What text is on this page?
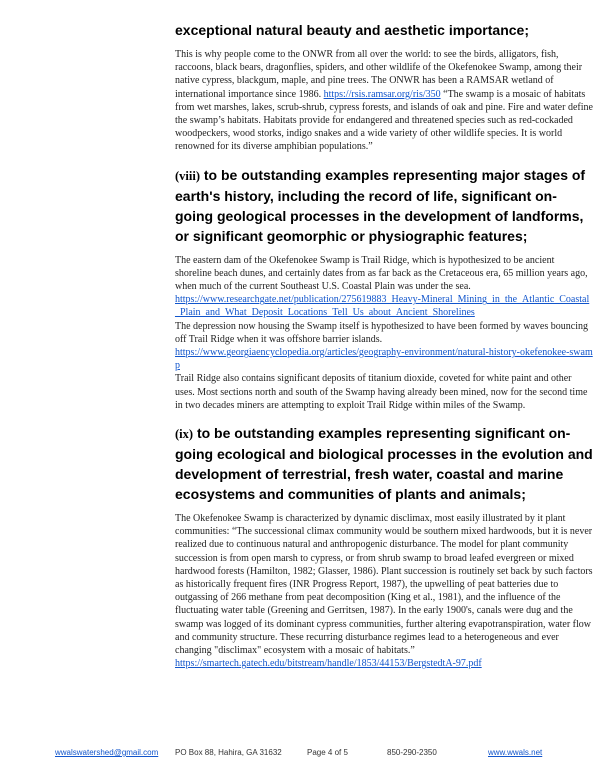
exceptional natural beauty and aesthetic importance;

This is why people come to the ONWR from all over the world: to see the birds, alligators, fish, raccoons, black bears, dragonflies, spiders, and other wildlife of the Okefenokee Swamp, among their native cypress, blackgum, maple, and pine trees. The ONWR has been a RAMSAR wetland of international importance since 1986. https://rsis.ramsar.org/ris/350 “The swamp is a mosaic of habitats from wet marshes, lakes, scrub-shrub, cypress forests, and islands of oak and pine. Fire and water define the swamp’s habitats. Habitats provide for endangered and threatened species such as red-cockaded woodpeckers, wood storks, indigo snakes and a wide variety of other wildlife species. It is world renowned for its diverse amphibian populations.”

(viii) to be outstanding examples representing major stages of earth's history, including the record of life, significant on-going geological processes in the development of landforms, or significant geomorphic or physiographic features;

The eastern dam of the Okefenokee Swamp is Trail Ridge, which is hypothesized to be ancient shoreline beach dunes, and certainly dates from as far back as the Cretaceous era, 65 million years ago, when much of the current Southeast U.S. Coastal Plain was under the sea.

https://www.researchgate.net/publication/275619883_Heavy-Mineral_Mining_in_the_Atlantic_Coastal_Plain_and_What_Deposit_Locations_Tell_Us_about_Ancient_Shorelines

The depression now housing the Swamp itself is hypothesized to have been formed by waves bouncing off Trail Ridge when it was offshore barrier islands.

https://www.georgiaencyclopedia.org/articles/geography-environment/natural-history-okefenokee-swamp

Trail Ridge also contains significant deposits of titanium dioxide, coveted for white paint and other uses. Most sections north and south of the Swamp having already been mined, now for the second time in two decades miners are attempting to exploit Trail Ridge within miles of the Swamp.

(ix) to be outstanding examples representing significant on-going ecological and biological processes in the evolution and development of terrestrial, fresh water, coastal and marine ecosystems and communities of plants and animals;

The Okefenokee Swamp is characterized by dynamic disclimax, most easily illustrated by it plant communities: “The successional climax community would be southern mixed hardwoods, but it is never realized due to continuous natural and anthropogenic disturbance. The model for plant community succession is from open marsh to cypress, or from shrub swamp to broad leafed evergreen or mixed hardwood forests (Hamilton, 1982; Glasser, 1986). Plant succession is routinely set back by such factors as historically frequent fires (INR Progress Report, 1987), the upwelling of peat batteries due to outgassing of 266 methane from peat decomposition (King et al., 1981), and the influence of the fluctuating water table (Greening and Gerritsen, 1987). In the early 1900's, canals were dug and the swamp was logged of its dominant cypress communities, further altering evapotranspiration, water flow and community structure. These recurring disturbance regimes lead to a heterogeneous and ever changing "disclimax" ecosystem with a mosaic of habitats.”

https://smartech.gatech.edu/bitstream/handle/1853/44153/BergstedtA-97.pdf
wwalswatershed@gmail.com PO Box 88, Hahira, GA 31632	Page 4 of 5	850-290-2350	www.wwals.net
